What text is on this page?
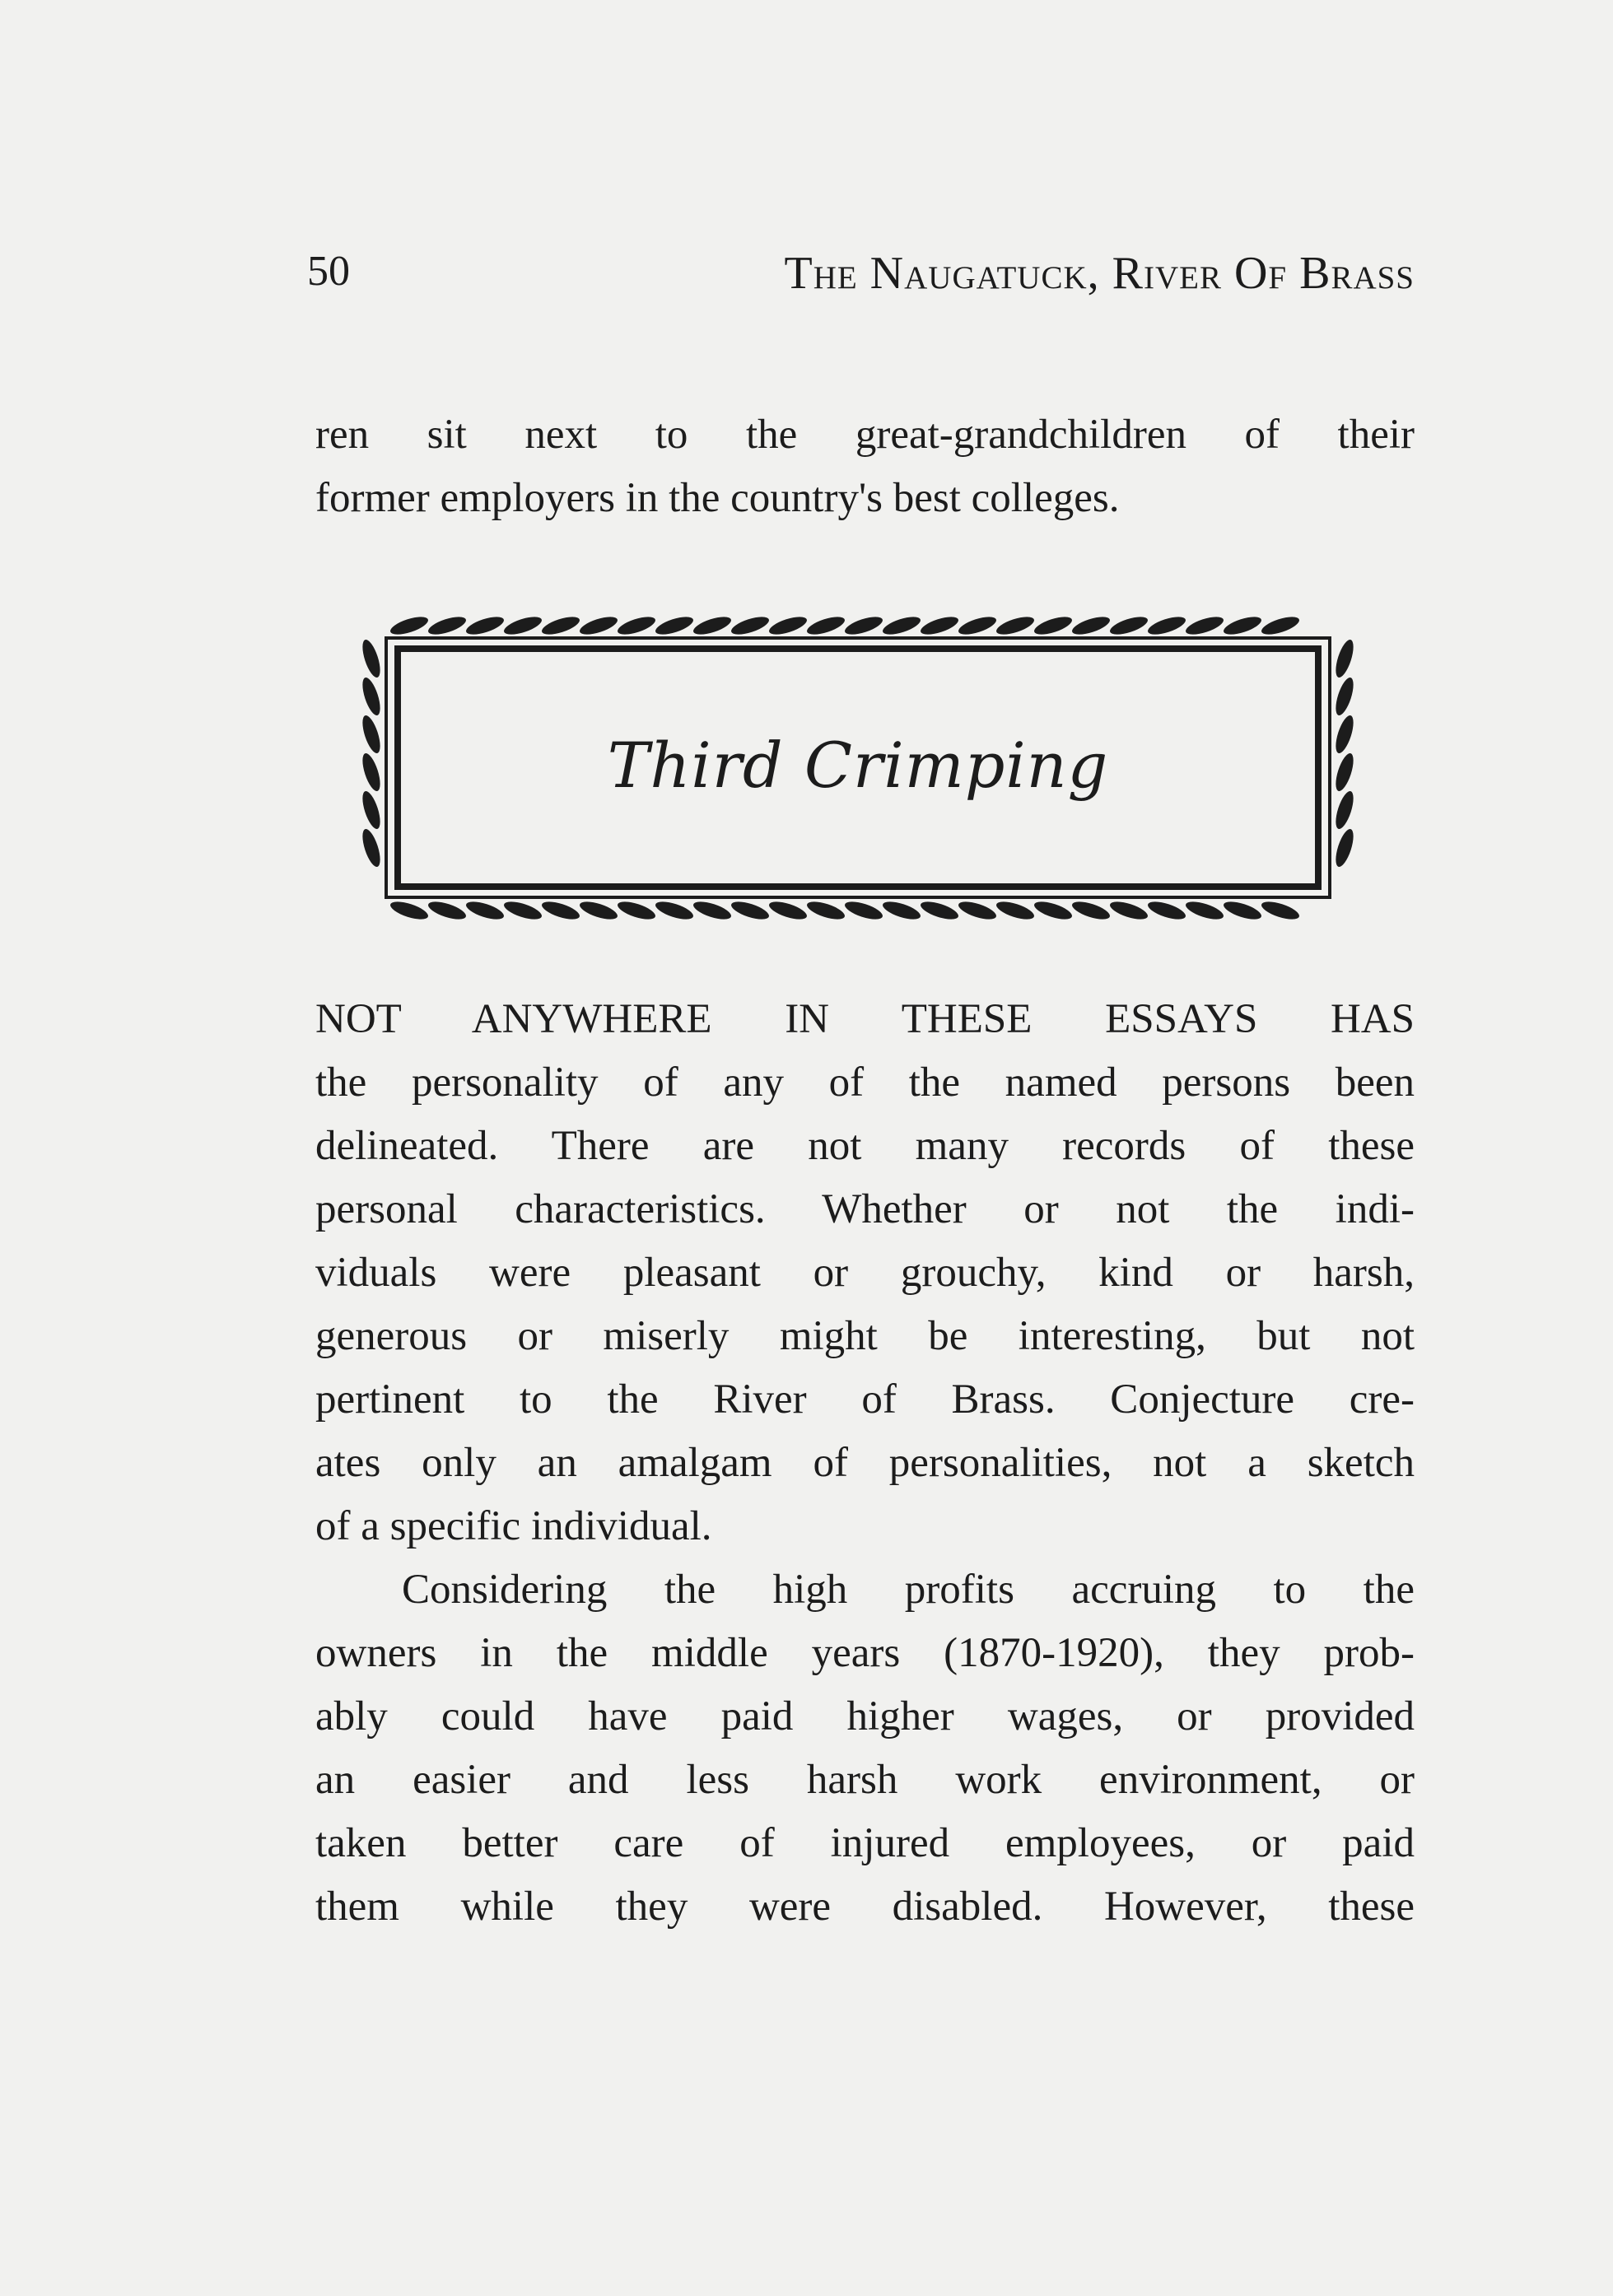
50	The Naugatuck, River Of Brass
ren sit next to the great-grandchildren of their
former employers in the country's best colleges.
Third Crimping
NOT ANYWHERE IN THESE ESSAYS HAS
the personality of any of the named persons been
delineated. There are not many records of these
personal characteristics. Whether or not the indi-
viduals were pleasant or grouchy, kind or harsh,
generous or miserly might be interesting, but not
pertinent to the River of Brass. Conjecture cre-
ates only an amalgam of personalities, not a sketch
of a specific individual.
Considering the high profits accruing to the
owners in the middle years (1870-1920), they prob-
ably could have paid higher wages, or provided
an easier and less harsh work environment, or
taken better care of injured employees, or paid
them while they were disabled. However, these
